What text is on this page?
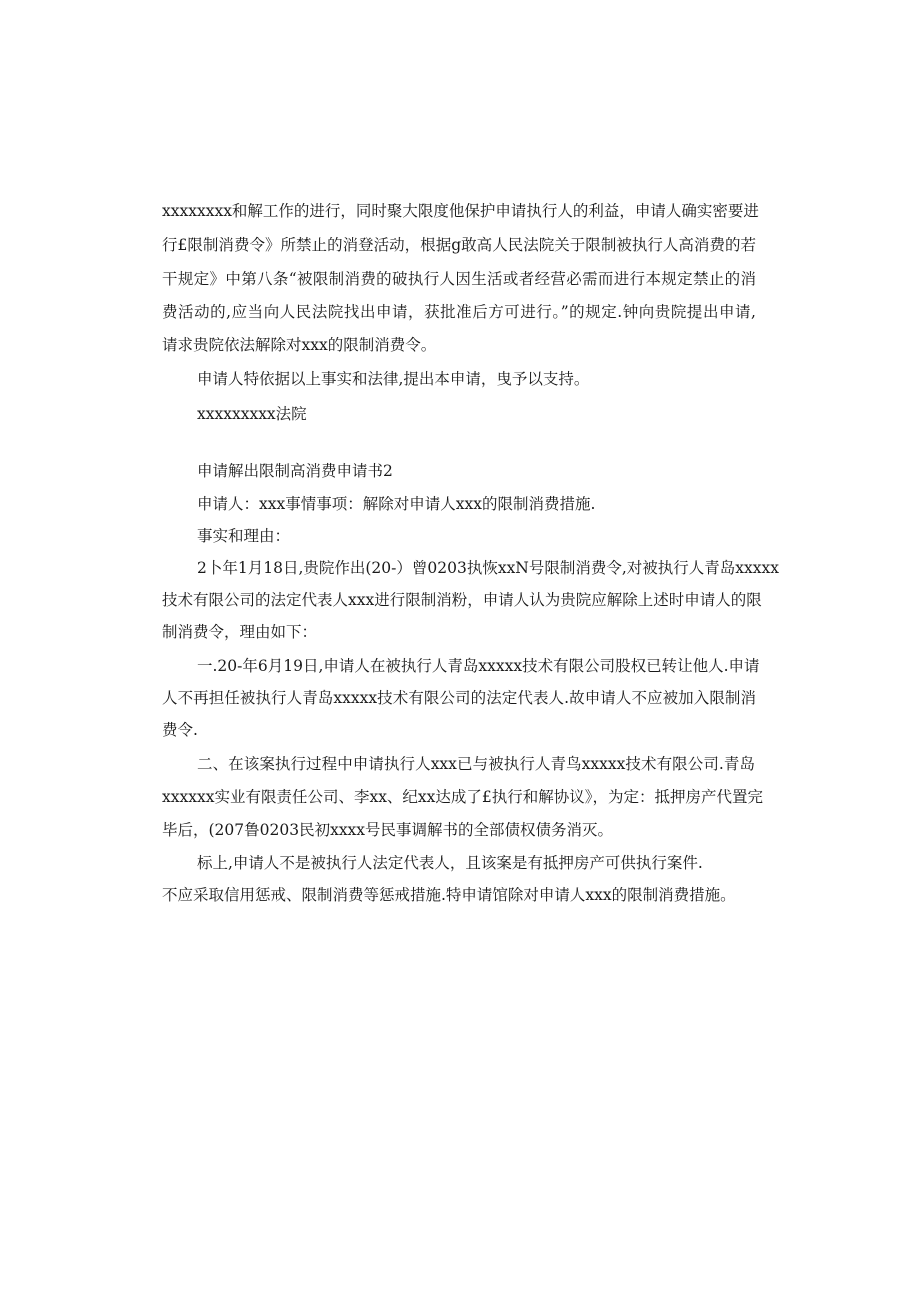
xxxxxxxx和解工作的进行，同时聚大限度他保护申请执行人的利益，申请人确实密要进
行£限制消费令》所禁止的消登活动，根据g敢高人民法院关于限制被执行人高消费的若
干规定》中第八条“被限制消费的破执行人因生活或者经营必需而进行本规定禁止的消
费活动的,应当向人民法院找出申请，获批准后方可进行。”的规定.钟向贵院提出申请,
请求贵院依法解除对xxx的限制消费令。
申请人特依据以上事实和法律,提出本申请，曳予以支持。
xxxxxxxxx法院
申请解出限制高消费申请书2
申请人：xxx事情事项：解除对申请人xxx的限制消费措施.
事实和理由：
2卜年1月18日,贵院作出(20-）曾0203执恢xxN号限制消费令,对被执行人青岛xxxxx
技术有限公司的法定代表人xxx进行限制消粉，申请人认为贵院应解除上述时申请人的限
制消费令，理由如下：
一.20-年6月19日,申请人在被执行人青岛xxxxx技术有限公司股权已转让他人.申请
人不再担任被执行人青岛xxxxx技术有限公司的法定代表人.故申请人不应被加入限制消
费令.
二、在该案执行过程中申请执行人xxx已与被执行人青鸟xxxxx技术有限公司.青岛
xxxxxx实业有限责任公司、李xx、纪xx达成了£执行和解协议》，为定：抵押房产代置完
毕后，(207鲁0203民初xxxx号民事调解书的全部债权债务消灭。
标上,申请人不是被执行人法定代表人，且该案是有抵押房产可供执行案件.
不应采取信用惩戒、限制消费等惩戒措施.特申请馆除对申请人xxx的限制消费措施。
